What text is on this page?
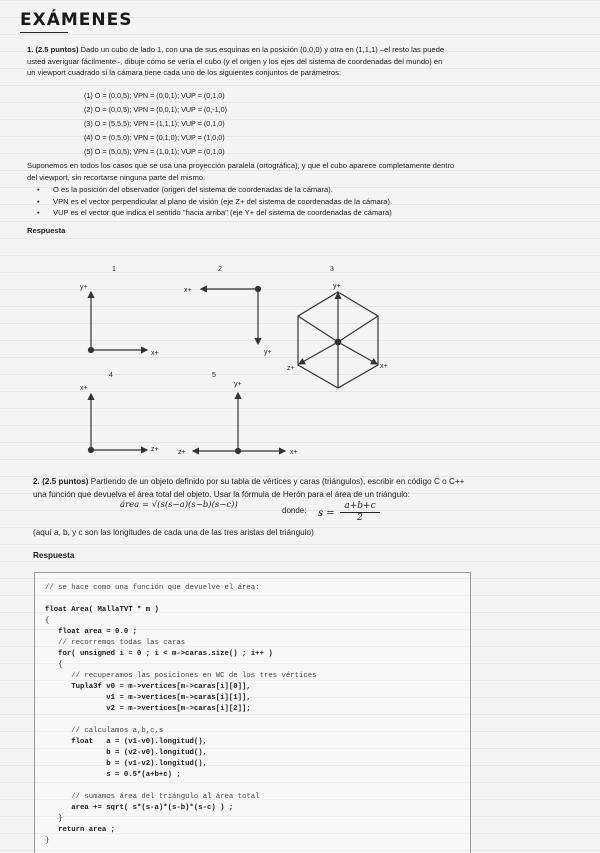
EXÁMENES
1. (2.5 puntos) Dado un cubo de lado 1, con una de sus esquinas en la posición (0,0,0) y otra en (1,1,1) –el resto las puede usted averiguar fácilmente–, dibuje cómo se vería el cubo (y el origen y los ejes del sistema de coordenadas del mundo) en un viewport cuadrado si la cámara tiene cada uno de los siguientes conjuntos de parámetros:
(1) O = (0,0,5); VPN = (0,0,1); VUP = (0,1,0)
(2) O = (0,0,5); VPN = (0,0,1); VUP = (0,-1,0)
(3) O = (5,5,5); VPN = (1,1,1); VUP = (0,1,0)
(4) O = (0,5,0); VPN = (0,1,0); VUP = (1,0,0)
(5) O = (5,0,5); VPN = (1,0,1); VUP = (0,1,0)
Suponemos en todos los casos que se usa una proyección paralela (ortográfica), y que el cubo aparece completamente dentro del viewport, sin recortarse ninguna parte del mismo.
• O es la posición del observador (origen del sistema de coordenadas de la cámara).
• VPN es el vector perpendicular al plano de visión (eje Z+ del sistema de coordenadas de la cámara).
• VUP es el vector que indica el sentido "hacia arriba" (eje Y+ del sistema de coordenadas de cámara)
Respuesta
1
y+
x+
2
x+
y+
3
y+
x+
z+
4
x+
z+
5
y+
z+	x+
2. (2.5 puntos) Partiendo de un objeto definido por su tabla de vértices y caras (triángulos), escribir en código C o C++ una función que devuelva el área total del objeto. Usar la fórmula de Herón para el área de un triángulo:
área = √(s(s−a)(s−b)(s−c))
donde: $s = \frac{a+b+c}{2}$
(aquí a, b, y c son las longitudes de cada una de las tres aristas del triángulo)
Respuesta
// se hace como una función que devuelve el área:

float Area( MallaTVT * m )
{
float area = 0.0 ;
// recorremos todas las caras
for( unsigned i = 0 ; i < m->caras.size() ; i++ )
{
// recuperamos las posiciones en WC de los tres vértices
Tupla3f v0 = m->vertices[m->caras[i][0]],
v1 = m->vertices[m->caras[i][1]],
v2 = m->vertices[m->caras[i][2]];

// calculamos a,b,c,s
float   a = (v1-v0).longitud(),
b = (v2-v0).longitud(),
b = (v1-v2).longitud(),
s = 0.5*(a+b+c) ;

// sumamos área del triángulo al área total
area += sqrt( s*(s-a)*(s-b)*(s-c) ) ;
}
return area ;
}
